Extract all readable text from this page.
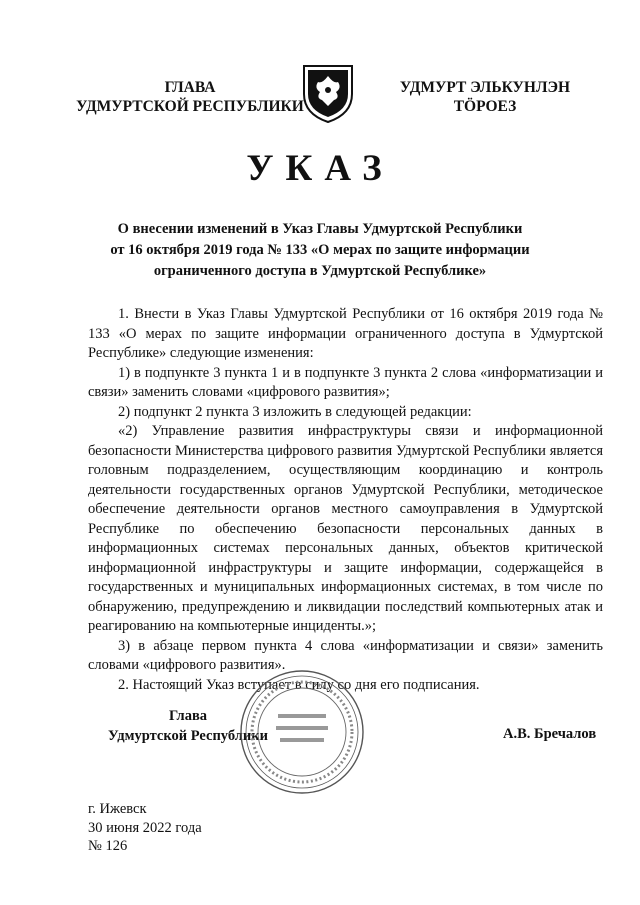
ГЛАВА
УДМУРТСКОЙ РЕСПУБЛИКИ
УДМУРТ ЭЛЬКУНЛЭН
ТӦРОЕЗ
УКАЗ
О внесении изменений в Указ Главы Удмуртской Республики
от 16 октября 2019 года № 133 «О мерах по защите информации
ограниченного доступа в Удмуртской Республике»

1. Внести в Указ Главы Удмуртской Республики от 16 октября 2019 года № 133 «О мерах по защите информации ограниченного доступа в Удмуртской Республике» следующие изменения:

1) в подпункте 3 пункта 1 и в подпункте 3 пункта 2 слова «информатизации и связи» заменить словами «цифрового развития»;

2) подпункт 2 пункта 3 изложить в следующей редакции:

«2) Управление развития инфраструктуры связи и информационной безопасности Министерства цифрового развития Удмуртской Республики является головным подразделением, осуществляющим координацию и контроль деятельности государственных органов Удмуртской Республики, методическое обеспечение деятельности органов местного самоуправления в Удмуртской Республике по обеспечению безопасности персональных данных в информационных системах персональных данных, объектов критической информационной инфраструктуры и защите информации, содержащейся в государственных и муниципальных информационных системах, в том числе по обнаружению, предупреждению и ликвидации последствий компьютерных атак и реагированию на компьютерные инциденты.»;

3) в абзаце первом пункта 4 слова «информатизации и связи» заменить словами «цифрового развития».

2. Настоящий Указ вступает в силу со дня его подписания.

Глава
Удмуртской Республики	А.В. Бречалов
г. Ижевск
30 июня 2022 года
№ 126
